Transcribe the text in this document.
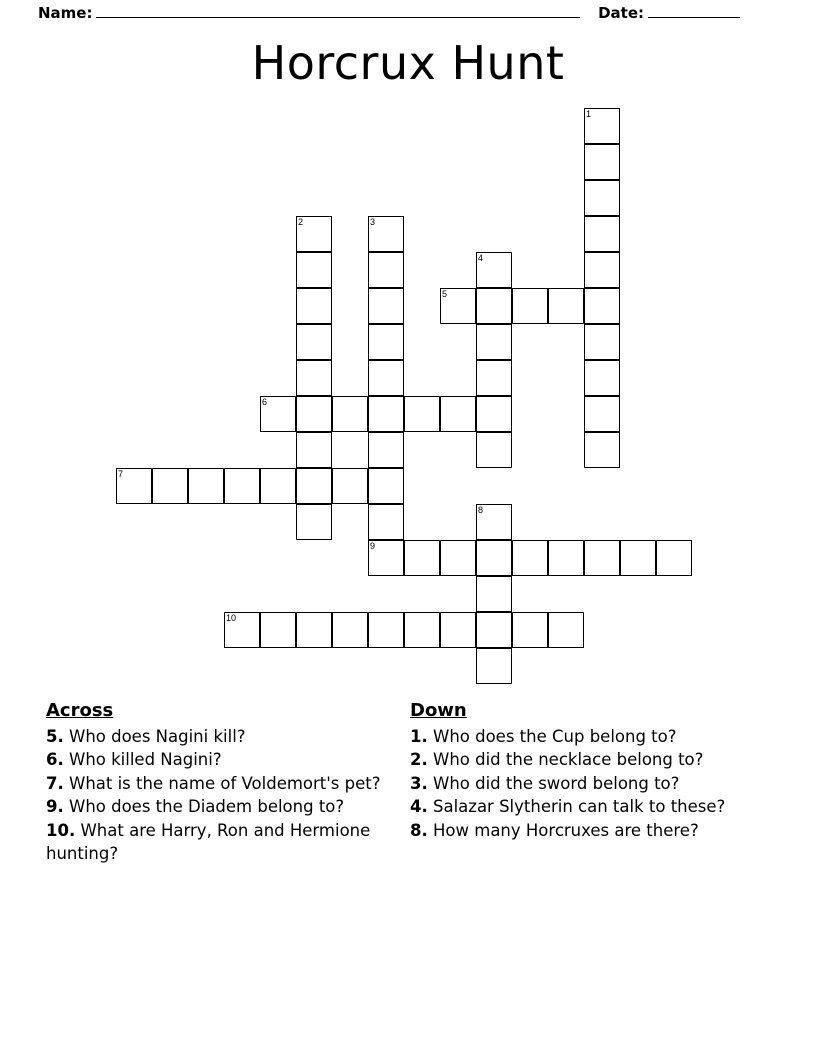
Name:	Date:
Horcrux Hunt
1
2	3
9
4
5
6
7
8
10
Across

5. Who does Nagini kill?

6. Who killed Nagini?

7. What is the name of Voldemort's pet?

9. Who does the Diadem belong to?

10. What are Harry, Ron and Hermione hunting?

Down

1. Who does the Cup belong to?

2. Who did the necklace belong to?

3. Who did the sword belong to?

4. Salazar Slytherin can talk to these?

8. How many Horcruxes are there?
